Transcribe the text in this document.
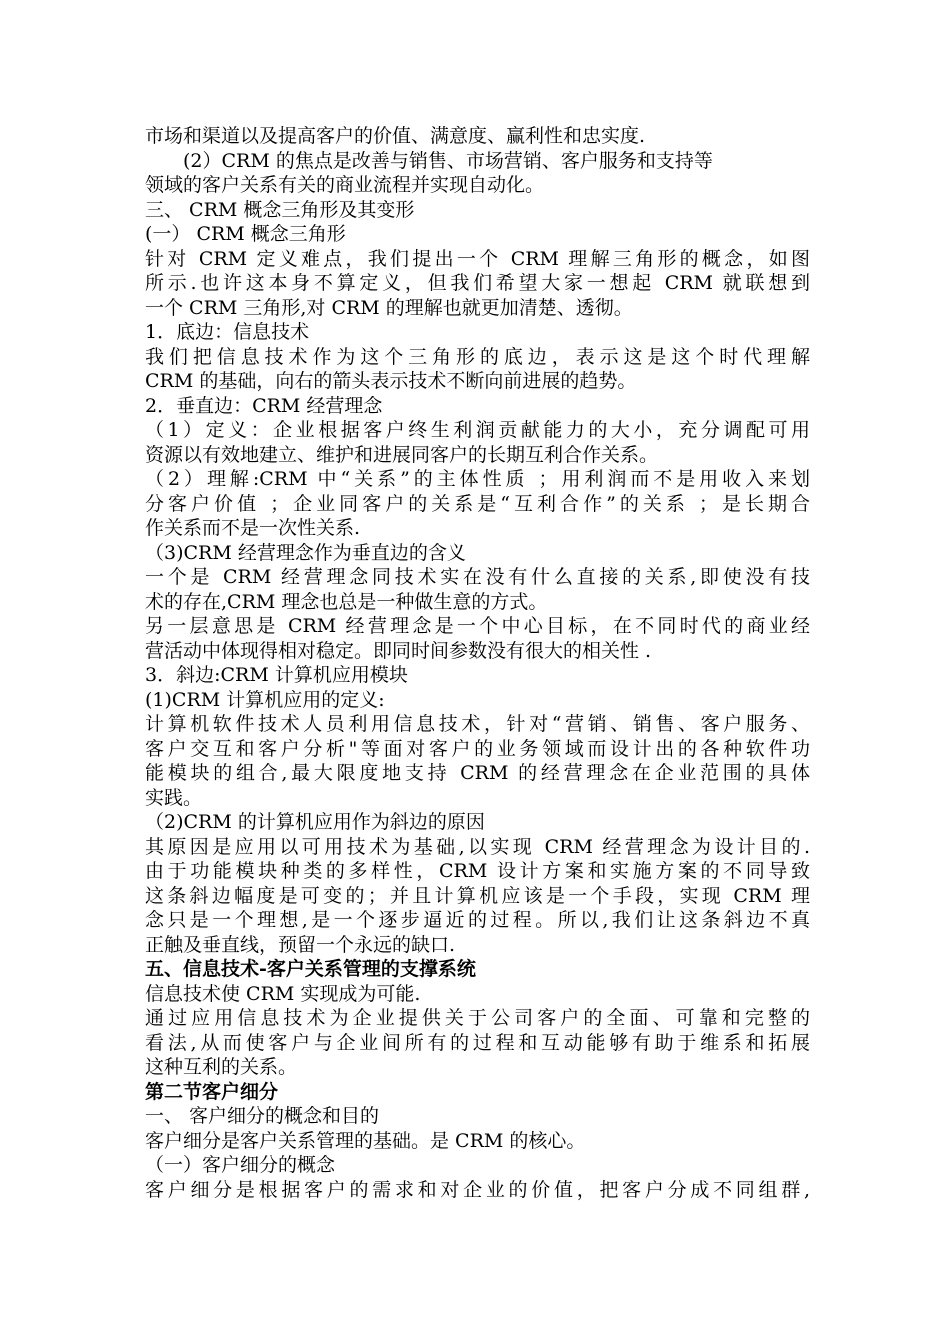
市场和渠道以及提高客户的价值、满意度、赢利性和忠实度.
(2）CRM 的焦点是改善与销售、市场营销、客户服务和支持等
领域的客户关系有关的商业流程并实现自动化。
三、 CRM 概念三角形及其变形
(一） CRM 概念三角形
针对 CRM 定义难点，我们提出一个 CRM 理解三角形的概念，如图
所示.也许这本身不算定义，但我们希望大家一想起 CRM 就联想到
一个 CRM 三角形,对 CRM 的理解也就更加清楚、透彻。
1．底边：信息技术
我们把信息技术作为这个三角形的底边，表示这是这个时代理解
CRM 的基础，向右的箭头表示技术不断向前进展的趋势。
2．垂直边：CRM 经营理念
（1）定义：企业根据客户终生利润贡献能力的大小，充分调配可用
资源以有效地建立、维护和进展同客户的长期互利合作关系。
（2）理解:CRM 中“关系”的主体性质 ；用利润而不是用收入来划
分客户价值 ；企业同客户的关系是“互利合作”的关系 ；是长期合
作关系而不是一次性关系.
（3)CRM 经营理念作为垂直边的含义
一个是 CRM 经营理念同技术实在没有什么直接的关系,即使没有技
术的存在,CRM 理念也总是一种做生意的方式。
另一层意思是 CRM 经营理念是一个中心目标，在不同时代的商业经
营活动中体现得相对稳定。即同时间参数没有很大的相关性 .
3．斜边:CRM 计算机应用模块
(1)CRM 计算机应用的定义:
计算机软件技术人员利用信息技术，针对“营销、销售、客户服务、
客户交互和客户分析"等面对客户的业务领域而设计出的各种软件功
能模块的组合,最大限度地支持 CRM 的经营理念在企业范围的具体
实践。
（2)CRM 的计算机应用作为斜边的原因
其原因是应用以可用技术为基础,以实现 CRM 经营理念为设计目的.
由于功能模块种类的多样性，CRM 设计方案和实施方案的不同导致
这条斜边幅度是可变的；并且计算机应该是一个手段，实现 CRM 理
念只是一个理想,是一个逐步逼近的过程。所以,我们让这条斜边不真
正触及垂直线，预留一个永远的缺口.
五、信息技术-客户关系管理的支撑系统
信息技术使 CRM 实现成为可能.
通过应用信息技术为企业提供关于公司客户的全面、可靠和完整的
看法,从而使客户与企业间所有的过程和互动能够有助于维系和拓展
这种互利的关系。
第二节客户细分
一、 客户细分的概念和目的
客户细分是客户关系管理的基础。是 CRM 的核心。
（一）客户细分的概念
客户细分是根据客户的需求和对企业的价值，把客户分成不同组群,
